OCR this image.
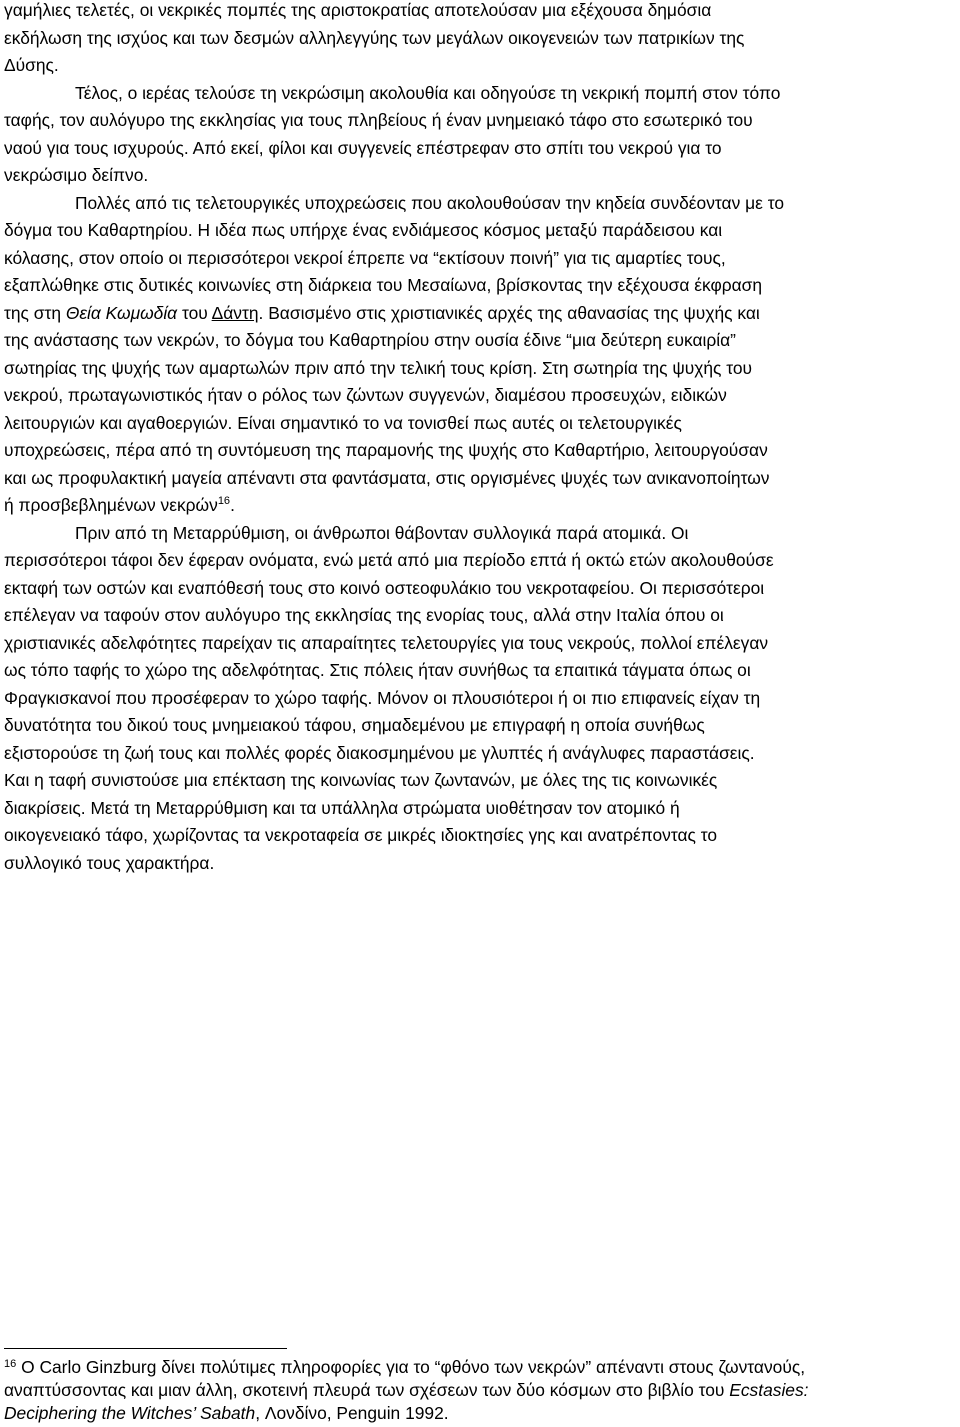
γαμήλιες τελετές, οι νεκρικές πομπές της αριστοκρατίας αποτελούσαν μια εξέχουσα δημόσια
εκδήλωση της ισχύος και των δεσμών αλληλεγγύης των μεγάλων οικογενειών των πατρικίων της
Δύσης.

Τέλος, ο ιερέας τελούσε τη νεκρώσιμη ακολουθία και οδηγούσε τη νεκρική πομπή στον τόπο
ταφής, τον αυλόγυρο της εκκλησίας για τους πληβείους ή έναν μνημειακό τάφο στο εσωτερικό του
ναού για τους ισχυρούς. Από εκεί, φίλοι και συγγενείς επέστρεφαν στο σπίτι του νεκρού για το
νεκρώσιμο δείπνο.

Πολλές από τις τελετουργικές υποχρεώσεις που ακολουθούσαν την κηδεία συνδέονταν με το
δόγμα του Καθαρτηρίου. Η ιδέα πως υπήρχε ένας ενδιάμεσος κόσμος μεταξύ παράδεισου και
κόλασης, στον οποίο οι περισσότεροι νεκροί έπρεπε να “εκτίσουν ποινή” για τις αμαρτίες τους,
εξαπλώθηκε στις δυτικές κοινωνίες στη διάρκεια του Μεσαίωνα, βρίσκοντας την εξέχουσα έκφραση
της στη Θεία Κωμωδία του Δάντη. Βασισμένο στις χριστιανικές αρχές της αθανασίας της ψυχής και
της ανάστασης των νεκρών, το δόγμα του Καθαρτηρίου στην ουσία έδινε “μια δεύτερη ευκαιρία”
σωτηρίας της ψυχής των αμαρτωλών πριν από την τελική τους κρίση. Στη σωτηρία της ψυχής του
νεκρού, πρωταγωνιστικός ήταν ο ρόλος των ζώντων συγγενών, διαμέσου προσευχών, ειδικών
λειτουργιών και αγαθοεργιών. Είναι σημαντικό το να τονισθεί πως αυτές οι τελετουργικές
υποχρεώσεις, πέρα από τη συντόμευση της παραμονής της ψυχής στο Καθαρτήριο, λειτουργούσαν
και ως προφυλακτική μαγεία απέναντι στα φαντάσματα, στις οργισμένες ψυχές των ανικανοποίητων
ή προσβεβλημένων νεκρών$^{16}$.

Πριν από τη Μεταρρύθμιση, οι άνθρωποι θάβονταν συλλογικά παρά ατομικά. Οι
περισσότεροι τάφοι δεν έφεραν ονόματα, ενώ μετά από μια περίοδο επτά ή οκτώ ετών ακολουθούσε
εκταφή των οστών και εναπόθεσή τους στο κοινό οστεοφυλάκιο του νεκροταφείου. Οι περισσότεροι
επέλεγαν να ταφούν στον αυλόγυρο της εκκλησίας της ενορίας τους, αλλά στην Ιταλία όπου οι
χριστιανικές αδελφότητες παρείχαν τις απαραίτητες τελετουργίες για τους νεκρούς, πολλοί επέλεγαν
ως τόπο ταφής το χώρο της αδελφότητας. Στις πόλεις ήταν συνήθως τα επαιτικά τάγματα όπως οι
Φραγκισκανοί που προσέφεραν το χώρο ταφής. Μόνον οι πλουσιότεροι ή οι πιο επιφανείς είχαν τη
δυνατότητα του δικού τους μνημειακού τάφου, σημαδεμένου με επιγραφή η οποία συνήθως
εξιστορούσε τη ζωή τους και πολλές φορές διακοσμημένου με γλυπτές ή ανάγλυφες παραστάσεις.
Και η ταφή συνιστούσε μια επέκταση της κοινωνίας των ζωντανών, με όλες της τις κοινωνικές
διακρίσεις. Μετά τη Μεταρρύθμιση και τα υπάλληλα στρώματα υιοθέτησαν τον ατομικό ή
οικογενειακό τάφο, χωρίζοντας τα νεκροταφεία σε μικρές ιδιοκτησίες γης και ανατρέποντας το
συλλογικό τους χαρακτήρα.

$^{16}$ Ο Carlo Ginzburg δίνει πολύτιμες πληροφορίες για το “φθόνο των νεκρών” απέναντι στους ζωντανούς,
αναπτύσσοντας και μιαν άλλη, σκοτεινή πλευρά των σχέσεων των δύο κόσμων στο βιβλίο του Ecstasies:
Deciphering the Witches’ Sabath, Λονδίνο, Penguin 1992.
